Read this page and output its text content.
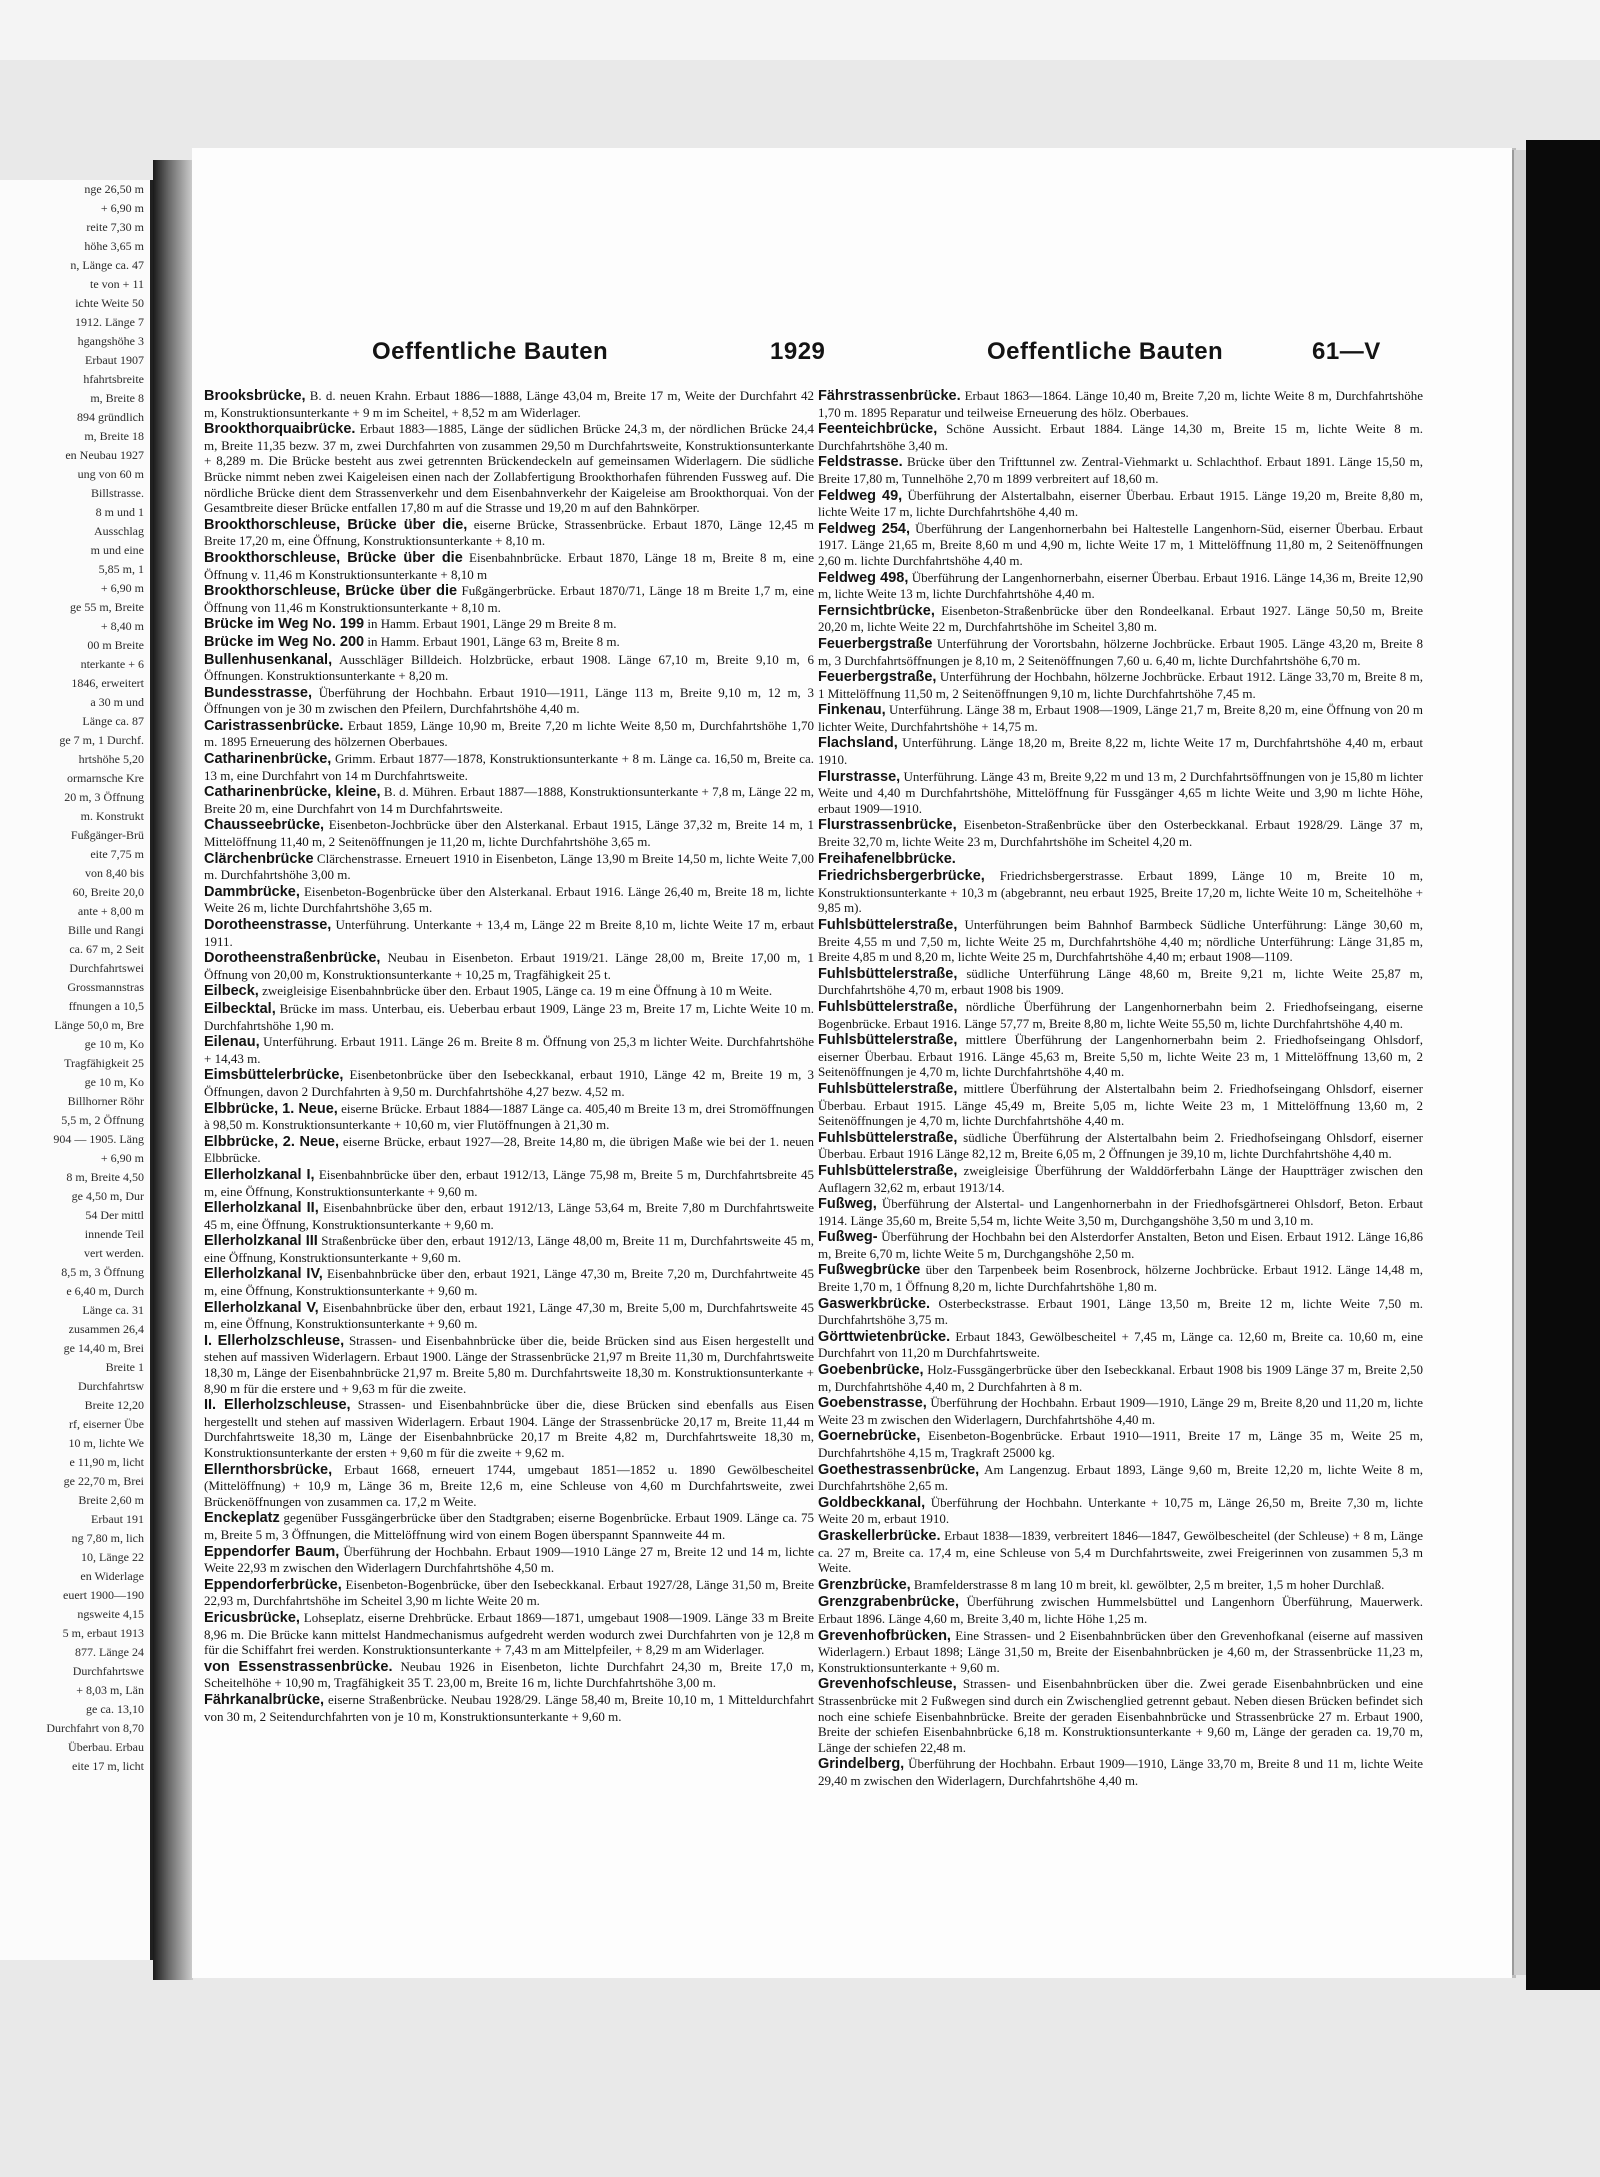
nge 26,50 m
+ 6,90 m
reite 7,30 m
höhe 3,65 m
n, Länge ca. 47
te von + 11
ichte Weite 50
1912. Länge 7
hgangshöhe 3
Erbaut 1907
hfahrtsbreite
m, Breite 8
894 gründlich
m, Breite 18
en Neubau 1927
ung von 60 m
Billstrasse.
8 m und 1
Ausschlag
m und eine
5,85 m, 1
+ 6,90 m
ge 55 m, Breite
+ 8,40 m
00 m Breite
nterkante + 6
1846, erweitert
a 30 m und
Länge ca. 87
ge 7 m, 1 Durchf.
hrtshöhe 5,20
ormarnsche Kre
20 m, 3 Öffnung
m. Konstrukt
Fußgänger-Brü
eite 7,75 m
von 8,40 bis
60, Breite 20,0
ante + 8,00 m
Bille und Rangi
ca. 67 m, 2 Seit
Durchfahrtswei
Grossmannstras
ffnungen a 10,5
Länge 50,0 m, Bre
ge 10 m, Ko
Tragfähigkeit 25
ge 10 m, Ko
Billhorner Röhr
5,5 m, 2 Öffnung
904 — 1905. Läng
+ 6,90 m
8 m, Breite 4,50
ge 4,50 m, Dur
54 Der mittl
innende Teil
vert werden.
8,5 m, 3 Öffnung
e 6,40 m, Durch
Länge ca. 31
zusammen 26,4
ge 14,40 m, Brei
Breite 1
Durchfahrtsw
Breite 12,20
rf, eiserner Übe
10 m, lichte We
e 11,90 m, licht
ge 22,70 m, Brei
Breite 2,60 m
Erbaut 191
ng 7,80 m, lich
10, Länge 22
en Widerlage
euert 1900—190
ngsweite 4,15
5 m, erbaut 1913
877. Länge 24
Durchfahrtswe
+ 8,03 m, Län
ge ca. 13,10
Durchfahrt von 8,70
Überbau. Erbau
eite 17 m, licht
Oeffentliche Bauten	1929	Oeffentliche Bauten	61—V
Brooksbrücke, B. d. neuen Krahn. Erbaut 1886—1888, Länge 43,04 m, Breite 17 m, Weite der Durchfahrt 42 m, Konstruktionsunterkante + 9 m im Scheitel, + 8,52 m am Widerlager.
Brookthorquaibrücke. Erbaut 1883—1885, Länge der südlichen Brücke 24,3 m, der nördlichen Brücke 24,4 m, Breite 11,35 bezw. 37 m, zwei Durchfahrten von zusammen 29,50 m Durchfahrtsweite, Konstruktionsunterkante + 8,289 m. Die Brücke besteht aus zwei getrennten Brückendeckeln auf gemeinsamen Widerlagern. Die südliche Brücke nimmt neben zwei Kaigeleisen einen nach der Zollabfertigung Brookthorhafen führenden Fussweg auf. Die nördliche Brücke dient dem Strassenverkehr und dem Eisenbahnverkehr der Kaigeleise am Brookthorquai. Von der Gesamtbreite dieser Brücke entfallen 17,80 m auf die Strasse und 19,20 m auf den Bahnkörper.
Brookthorschleuse, Brücke über die, eiserne Brücke, Strassenbrücke. Erbaut 1870, Länge 12,45 m Breite 17,20 m, eine Öffnung, Konstruktionsunterkante + 8,10 m.
Brookthorschleuse, Brücke über die Eisenbahnbrücke. Erbaut 1870, Länge 18 m, Breite 8 m, eine Öffnung v. 11,46 m Konstruktionsunterkante + 8,10 m
Brookthorschleuse, Brücke über die Fußgängerbrücke. Erbaut 1870/71, Länge 18 m Breite 1,7 m, eine Öffnung von 11,46 m Konstruktionsunterkante + 8,10 m.
Brücke im Weg No. 199 in Hamm. Erbaut 1901, Länge 29 m Breite 8 m.
Brücke im Weg No. 200 in Hamm. Erbaut 1901, Länge 63 m, Breite 8 m.
Bullenhusenkanal, Ausschläger Billdeich. Holzbrücke, erbaut 1908. Länge 67,10 m, Breite 9,10 m, 6 Öffnungen. Konstruktionsunterkante + 8,20 m.
Bundesstrasse, Überführung der Hochbahn. Erbaut 1910—1911, Länge 113 m, Breite 9,10 m, 12 m, 3 Öffnungen von je 30 m zwischen den Pfeilern, Durchfahrtshöhe 4,40 m.
Caristrassenbrücke. Erbaut 1859, Länge 10,90 m, Breite 7,20 m lichte Weite 8,50 m, Durchfahrtshöhe 1,70 m. 1895 Erneuerung des hölzernen Oberbaues.
Catharinenbrücke, Grimm. Erbaut 1877—1878, Konstruktionsunterkante + 8 m. Länge ca. 16,50 m, Breite ca. 13 m, eine Durchfahrt von 14 m Durchfahrtsweite.
Catharinenbrücke, kleine, B. d. Mühren. Erbaut 1887—1888, Konstruktionsunterkante + 7,8 m, Länge 22 m, Breite 20 m, eine Durchfahrt von 14 m Durchfahrtsweite.
Chausseebrücke, Eisenbeton-Jochbrücke über den Alsterkanal. Erbaut 1915, Länge 37,32 m, Breite 14 m, 1 Mittelöffnung 11,40 m, 2 Seitenöffnungen je 11,20 m, lichte Durchfahrtshöhe 3,65 m.
Clärchenbrücke Clärchenstrasse. Erneuert 1910 in Eisenbeton, Länge 13,90 m Breite 14,50 m, lichte Weite 7,00 m. Durchfahrtshöhe 3,00 m.
Dammbrücke, Eisenbeton-Bogenbrücke über den Alsterkanal. Erbaut 1916. Länge 26,40 m, Breite 18 m, lichte Weite 26 m, lichte Durchfahrtshöhe 3,65 m.
Dorotheenstrasse, Unterführung. Unterkante + 13,4 m, Länge 22 m Breite 8,10 m, lichte Weite 17 m, erbaut 1911.
Dorotheenstraßenbrücke, Neubau in Eisenbeton. Erbaut 1919/21. Länge 28,00 m, Breite 17,00 m, 1 Öffnung von 20,00 m, Konstruktionsunterkante + 10,25 m, Tragfähigkeit 25 t.
Eilbeck, zweigleisige Eisenbahnbrücke über den. Erbaut 1905, Länge ca. 19 m eine Öffnung à 10 m Weite.
Eilbecktal, Brücke im mass. Unterbau, eis. Ueberbau erbaut 1909, Länge 23 m, Breite 17 m, Lichte Weite 10 m. Durchfahrtshöhe 1,90 m.
Eilenau, Unterführung. Erbaut 1911. Länge 26 m. Breite 8 m. Öffnung von 25,3 m lichter Weite. Durchfahrtshöhe + 14,43 m.
Eimsbüttelerbrücke, Eisenbetonbrücke über den Isebeckkanal, erbaut 1910, Länge 42 m, Breite 19 m, 3 Öffnungen, davon 2 Durchfahrten à 9,50 m. Durchfahrtshöhe 4,27 bezw. 4,52 m.
Elbbrücke, 1. Neue, eiserne Brücke. Erbaut 1884—1887 Länge ca. 405,40 m Breite 13 m, drei Stromöffnungen à 98,50 m. Konstruktionsunterkante + 10,60 m, vier Flutöffnungen à 21,30 m.
Elbbrücke, 2. Neue, eiserne Brücke, erbaut 1927—28, Breite 14,80 m, die übrigen Maße wie bei der 1. neuen Elbbrücke.
Ellerholzkanal I, Eisenbahnbrücke über den, erbaut 1912/13, Länge 75,98 m, Breite 5 m, Durchfahrtsbreite 45 m, eine Öffnung, Konstruktionsunterkante + 9,60 m.
Ellerholzkanal II, Eisenbahnbrücke über den, erbaut 1912/13, Länge 53,64 m, Breite 7,80 m Durchfahrtsweite 45 m, eine Öffnung, Konstruktionsunterkante + 9,60 m.
Ellerholzkanal III Straßenbrücke über den, erbaut 1912/13, Länge 48,00 m, Breite 11 m, Durchfahrtsweite 45 m, eine Öffnung, Konstruktionsunterkante + 9,60 m.
Ellerholzkanal IV, Eisenbahnbrücke über den, erbaut 1921, Länge 47,30 m, Breite 7,20 m, Durchfahrtweite 45 m, eine Öffnung, Konstruktionsunterkante + 9,60 m.
Ellerholzkanal V, Eisenbahnbrücke über den, erbaut 1921, Länge 47,30 m, Breite 5,00 m, Durchfahrtsweite 45 m, eine Öffnung, Konstruktionsunterkante + 9,60 m.
I. Ellerholzschleuse, Strassen- und Eisenbahnbrücke über die, beide Brücken sind aus Eisen hergestellt und stehen auf massiven Widerlagern. Erbaut 1900. Länge der Strassenbrücke 21,97 m Breite 11,30 m, Durchfahrtsweite 18,30 m, Länge der Eisenbahnbrücke 21,97 m. Breite 5,80 m. Durchfahrtsweite 18,30 m. Konstruktionsunterkante + 8,90 m für die erstere und + 9,63 m für die zweite.
II. Ellerholzschleuse, Strassen- und Eisenbahnbrücke über die, diese Brücken sind ebenfalls aus Eisen hergestellt und stehen auf massiven Widerlagern. Erbaut 1904. Länge der Strassenbrücke 20,17 m, Breite 11,44 m Durchfahrtsweite 18,30 m, Länge der Eisenbahnbrücke 20,17 m Breite 4,82 m, Durchfahrtsweite 18,30 m, Konstruktionsunterkante der ersten + 9,60 m für die zweite + 9,62 m.
Ellernthorsbrücke, Erbaut 1668, erneuert 1744, umgebaut 1851—1852 u. 1890 Gewölbescheitel (Mittelöffnung) + 10,9 m, Länge 36 m, Breite 12,6 m, eine Schleuse von 4,60 m Durchfahrtsweite, zwei Brückenöffnungen von zusammen ca. 17,2 m Weite.
Enckeplatz gegenüber Fussgängerbrücke über den Stadtgraben; eiserne Bogenbrücke. Erbaut 1909. Länge ca. 75 m, Breite 5 m, 3 Öffnungen, die Mittelöffnung wird von einem Bogen überspannt Spannweite 44 m.
Eppendorfer Baum, Überführung der Hochbahn. Erbaut 1909—1910 Länge 27 m, Breite 12 und 14 m, lichte Weite 22,93 m zwischen den Widerlagern Durchfahrtshöhe 4,50 m.
Eppendorferbrücke, Eisenbeton-Bogenbrücke, über den Isebeckkanal. Erbaut 1927/28, Länge 31,50 m, Breite 22,93 m, Durchfahrtshöhe im Scheitel 3,90 m lichte Weite 20 m.
Ericusbrücke, Lohseplatz, eiserne Drehbrücke. Erbaut 1869—1871, umgebaut 1908—1909. Länge 33 m Breite 8,96 m. Die Brücke kann mittelst Handmechanismus aufgedreht werden wodurch zwei Durchfahrten von je 12,8 m für die Schiffahrt frei werden. Konstruktionsunterkante + 7,43 m am Mittelpfeiler, + 8,29 m am Widerlager.
von Essenstrassenbrücke. Neubau 1926 in Eisenbeton, lichte Durchfahrt 24,30 m, Breite 17,0 m, Scheitelhöhe + 10,90 m, Tragfähigkeit 35 T. 23,00 m, Breite 16 m, lichte Durchfahrtshöhe 3,00 m.
Fährkanalbrücke, eiserne Straßenbrücke. Neubau 1928/29. Länge 58,40 m, Breite 10,10 m, 1 Mitteldurchfahrt von 30 m, 2 Seitendurchfahrten von je 10 m, Konstruktionsunterkante + 9,60 m.
Fährstrassenbrücke. Erbaut 1863—1864. Länge 10,40 m, Breite 7,20 m, lichte Weite 8 m, Durchfahrtshöhe 1,70 m. 1895 Reparatur und teilweise Erneuerung des hölz. Oberbaues.
Feenteichbrücke, Schöne Aussicht. Erbaut 1884. Länge 14,30 m, Breite 15 m, lichte Weite 8 m. Durchfahrtshöhe 3,40 m.
Feldstrasse. Brücke über den Trifttunnel zw. Zentral-Viehmarkt u. Schlachthof. Erbaut 1891. Länge 15,50 m, Breite 17,80 m, Tunnelhöhe 2,70 m 1899 verbreitert auf 18,60 m.
Feldweg 49, Überführung der Alstertalbahn, eiserner Überbau. Erbaut 1915. Länge 19,20 m, Breite 8,80 m, lichte Weite 17 m, lichte Durchfahrtshöhe 4,40 m.
Feldweg 254, Überführung der Langenhornerbahn bei Haltestelle Langenhorn-Süd, eiserner Überbau. Erbaut 1917. Länge 21,65 m, Breite 8,60 m und 4,90 m, lichte Weite 17 m, 1 Mittelöffnung 11,80 m, 2 Seitenöffnungen 2,60 m. lichte Durchfahrtshöhe 4,40 m.
Feldweg 498, Überführung der Langenhornerbahn, eiserner Überbau. Erbaut 1916. Länge 14,36 m, Breite 12,90 m, lichte Weite 13 m, lichte Durchfahrtshöhe 4,40 m.
Fernsichtbrücke, Eisenbeton-Straßenbrücke über den Rondeelkanal. Erbaut 1927. Länge 50,50 m, Breite 20,20 m, lichte Weite 22 m, Durchfahrtshöhe im Scheitel 3,80 m.
Feuerbergstraße Unterführung der Vorortsbahn, hölzerne Jochbrücke. Erbaut 1905. Länge 43,20 m, Breite 8 m, 3 Durchfahrtsöffnungen je 8,10 m, 2 Seitenöffnungen 7,60 u. 6,40 m, lichte Durchfahrtshöhe 6,70 m.
Feuerbergstraße, Unterführung der Hochbahn, hölzerne Jochbrücke. Erbaut 1912. Länge 33,70 m, Breite 8 m, 1 Mittelöffnung 11,50 m, 2 Seitenöffnungen 9,10 m, lichte Durchfahrtshöhe 7,45 m.
Finkenau, Unterführung. Länge 38 m, Erbaut 1908—1909, Länge 21,7 m, Breite 8,20 m, eine Öffnung von 20 m lichter Weite, Durchfahrtshöhe + 14,75 m.
Flachsland, Unterführung. Länge 18,20 m, Breite 8,22 m, lichte Weite 17 m, Durchfahrtshöhe 4,40 m, erbaut 1910.
Flurstrasse, Unterführung. Länge 43 m, Breite 9,22 m und 13 m, 2 Durchfahrtsöffnungen von je 15,80 m lichter Weite und 4,40 m Durchfahrtshöhe, Mittelöffnung für Fussgänger 4,65 m lichte Weite und 3,90 m lichte Höhe, erbaut 1909—1910.
Flurstrassenbrücke, Eisenbeton-Straßenbrücke über den Osterbeckkanal. Erbaut 1928/29. Länge 37 m, Breite 32,70 m, lichte Weite 23 m, Durchfahrtshöhe im Scheitel 4,20 m.
Freihafenelbbrücke.
Friedrichsbergerbrücke, Friedrichsbergerstrasse. Erbaut 1899, Länge 10 m, Breite 10 m, Konstruktionsunterkante + 10,3 m (abgebrannt, neu erbaut 1925, Breite 17,20 m, lichte Weite 10 m, Scheitelhöhe + 9,85 m).
Fuhlsbüttelerstraße, Unterführungen beim Bahnhof Barmbeck Südliche Unterführung: Länge 30,60 m, Breite 4,55 m und 7,50 m, lichte Weite 25 m, Durchfahrtshöhe 4,40 m; nördliche Unterführung: Länge 31,85 m, Breite 4,85 m und 8,20 m, lichte Weite 25 m, Durchfahrtshöhe 4,40 m; erbaut 1908—1109.
Fuhlsbüttelerstraße, südliche Unterführung Länge 48,60 m, Breite 9,21 m, lichte Weite 25,87 m, Durchfahrtshöhe 4,70 m, erbaut 1908 bis 1909.
Fuhlsbüttelerstraße, nördliche Überführung der Langenhornerbahn beim 2. Friedhofseingang, eiserne Bogenbrücke. Erbaut 1916. Länge 57,77 m, Breite 8,80 m, lichte Weite 55,50 m, lichte Durchfahrtshöhe 4,40 m.
Fuhlsbüttelerstraße, mittlere Überführung der Langenhornerbahn beim 2. Friedhofseingang Ohlsdorf, eiserner Überbau. Erbaut 1916. Länge 45,63 m, Breite 5,50 m, lichte Weite 23 m, 1 Mittelöffnung 13,60 m, 2 Seitenöffnungen je 4,70 m, lichte Durchfahrtshöhe 4,40 m.
Fuhlsbüttelerstraße, mittlere Überführung der Alstertalbahn beim 2. Friedhofseingang Ohlsdorf, eiserner Überbau. Erbaut 1915. Länge 45,49 m, Breite 5,05 m, lichte Weite 23 m, 1 Mittelöffnung 13,60 m, 2 Seitenöffnungen je 4,70 m, lichte Durchfahrtshöhe 4,40 m.
Fuhlsbüttelerstraße, südliche Überführung der Alstertalbahn beim 2. Friedhofseingang Ohlsdorf, eiserner Überbau. Erbaut 1916 Länge 82,12 m, Breite 6,05 m, 2 Öffnungen je 39,10 m, lichte Durchfahrtshöhe 4,40 m.
Fuhlsbüttelerstraße, zweigleisige Überführung der Walddörferbahn Länge der Hauptträger zwischen den Auflagern 32,62 m, erbaut 1913/14.
Fußweg, Überführung der Alstertal- und Langenhornerbahn in der Friedhofsgärtnerei Ohlsdorf, Beton. Erbaut 1914. Länge 35,60 m, Breite 5,54 m, lichte Weite 3,50 m, Durchgangshöhe 3,50 m und 3,10 m.
Fußweg- Überführung der Hochbahn bei den Alsterdorfer Anstalten, Beton und Eisen. Erbaut 1912. Länge 16,86 m, Breite 6,70 m, lichte Weite 5 m, Durchgangshöhe 2,50 m.
Fußwegbrücke über den Tarpenbeek beim Rosenbrock, hölzerne Jochbrücke. Erbaut 1912. Länge 14,48 m, Breite 1,70 m, 1 Öffnung 8,20 m, lichte Durchfahrtshöhe 1,80 m.
Gaswerkbrücke. Osterbeckstrasse. Erbaut 1901, Länge 13,50 m, Breite 12 m, lichte Weite 7,50 m. Durchfahrtshöhe 3,75 m.
Görttwietenbrücke. Erbaut 1843, Gewölbescheitel + 7,45 m, Länge ca. 12,60 m, Breite ca. 10,60 m, eine Durchfahrt von 11,20 m Durchfahrtsweite.
Goebenbrücke, Holz-Fussgängerbrücke über den Isebeckkanal. Erbaut 1908 bis 1909 Länge 37 m, Breite 2,50 m, Durchfahrtshöhe 4,40 m, 2 Durchfahrten à 8 m.
Goebenstrasse, Überführung der Hochbahn. Erbaut 1909—1910, Länge 29 m, Breite 8,20 und 11,20 m, lichte Weite 23 m zwischen den Widerlagern, Durchfahrtshöhe 4,40 m.
Goernebrücke, Eisenbeton-Bogenbrücke. Erbaut 1910—1911, Breite 17 m, Länge 35 m, Weite 25 m, Durchfahrtshöhe 4,15 m, Tragkraft 25000 kg.
Goethestrassenbrücke, Am Langenzug. Erbaut 1893, Länge 9,60 m, Breite 12,20 m, lichte Weite 8 m, Durchfahrtshöhe 2,65 m.
Goldbeckkanal, Überführung der Hochbahn. Unterkante + 10,75 m, Länge 26,50 m, Breite 7,30 m, lichte Weite 20 m, erbaut 1910.
Graskellerbrücke. Erbaut 1838—1839, verbreitert 1846—1847, Gewölbescheitel (der Schleuse) + 8 m, Länge ca. 27 m, Breite ca. 17,4 m, eine Schleuse von 5,4 m Durchfahrtsweite, zwei Freigerinnen von zusammen 5,3 m Weite.
Grenzbrücke, Bramfelderstrasse 8 m lang 10 m breit, kl. gewölbter, 2,5 m breiter, 1,5 m hoher Durchlaß.
Grenzgrabenbrücke, Überführung zwischen Hummelsbüttel und Langenhorn Überführung, Mauerwerk. Erbaut 1896. Länge 4,60 m, Breite 3,40 m, lichte Höhe 1,25 m.
Grevenhofbrücken, Eine Strassen- und 2 Eisenbahnbrücken über den Grevenhofkanal (eiserne auf massiven Widerlagern.) Erbaut 1898; Länge 31,50 m, Breite der Eisenbahnbrücken je 4,60 m, der Strassenbrücke 11,23 m, Konstruktionsunterkante + 9,60 m.
Grevenhofschleuse, Strassen- und Eisenbahnbrücken über die. Zwei gerade Eisenbahnbrücken und eine Strassenbrücke mit 2 Fußwegen sind durch ein Zwischenglied getrennt gebaut. Neben diesen Brücken befindet sich noch eine schiefe Eisenbahnbrücke. Breite der geraden Eisenbahnbrücke und Strassenbrücke 27 m. Erbaut 1900, Breite der schiefen Eisenbahnbrücke 6,18 m. Konstruktionsunterkante + 9,60 m, Länge der geraden ca. 19,70 m, Länge der schiefen 22,48 m.
Grindelberg, Überführung der Hochbahn. Erbaut 1909—1910, Länge 33,70 m, Breite 8 und 11 m, lichte Weite 29,40 m zwischen den Widerlagern, Durchfahrtshöhe 4,40 m.
